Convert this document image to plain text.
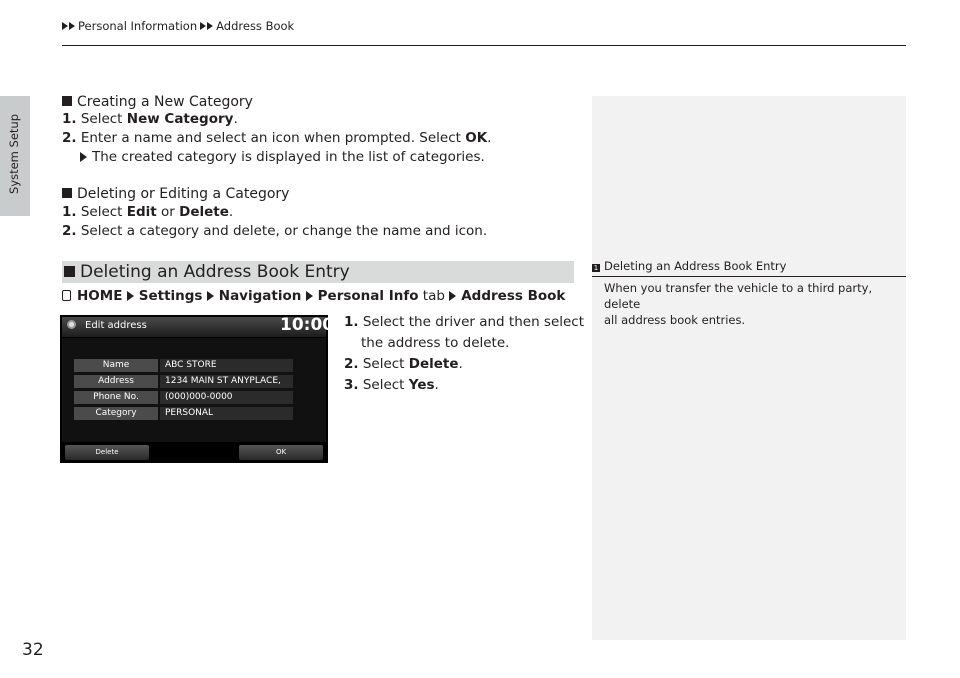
Personal Information Address Book
System Setup
Creating a New Category
1. Select New Category.
2. Enter a name and select an icon when prompted. Select OK.
The created category is displayed in the list of categories.
Deleting or Editing a Category
1. Select Edit or Delete.
2. Select a category and delete, or change the name and icon.
Deleting an Address Book Entry	1 Deleting an Address Book Entry
When you transfer the vehicle to a third party, delete
all address book entries.
HOME Settings Navigation Personal Info tab Address Book
1. Select the driver and then select
the address to delete.
2. Select Delete.
3. Select Yes.
Edit address	10:00
Name	ABC STORE
Address	1234 MAIN ST ANYPLACE,
Phone No.	(000)000-0000
Category	PERSONAL
Delete	OK
32
